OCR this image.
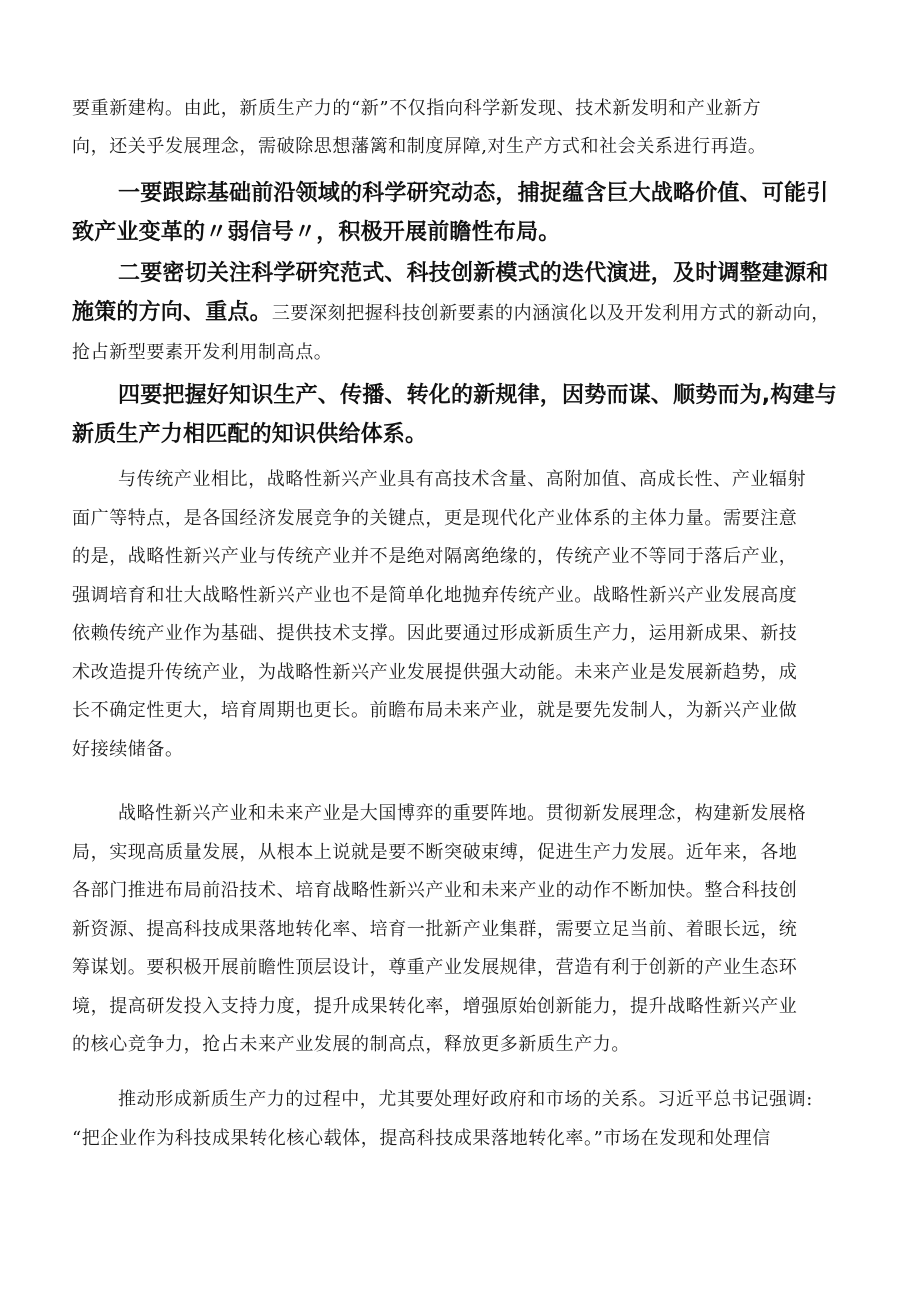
要重新建构。由此，新质生产力的“新”不仅指向科学新发现、技术新发明和产业新方
向，还关乎发展理念，需破除思想藩篱和制度屏障,对生产方式和社会关系进行再造。
一要跟踪基础前沿领域的科学研究动态，捕捉蕴含巨大战略价值、可能引
致产业变革的〃弱信号〃，积极开展前瞻性布局。
二要密切关注科学研究范式、科技创新模式的迭代演进，及时调整建源和
施策的方向、重点。三要深刻把握科技创新要素的内涵演化以及开发利用方式的新动向，
抢占新型要素开发利用制高点。
四要把握好知识生产、传播、转化的新规律，因势而谋、顺势而为,构建与
新质生产力相匹配的知识供给体系。
与传统产业相比，战略性新兴产业具有高技术含量、高附加值、高成长性、产业辐射
面广等特点，是各国经济发展竞争的关键点，更是现代化产业体系的主体力量。需要注意
的是，战略性新兴产业与传统产业并不是绝对隔离绝缘的，传统产业不等同于落后产业，
强调培育和壮大战略性新兴产业也不是简单化地抛弃传统产业。战略性新兴产业发展高度
依赖传统产业作为基础、提供技术支撑。因此要通过形成新质生产力，运用新成果、新技
术改造提升传统产业，为战略性新兴产业发展提供强大动能。未来产业是发展新趋势，成
长不确定性更大，培育周期也更长。前瞻布局未来产业，就是要先发制人，为新兴产业做
好接续储备。
战略性新兴产业和未来产业是大国博弈的重要阵地。贯彻新发展理念，构建新发展格
局，实现高质量发展，从根本上说就是要不断突破束缚，促进生产力发展。近年来，各地
各部门推进布局前沿技术、培育战略性新兴产业和未来产业的动作不断加快。整合科技创
新资源、提高科技成果落地转化率、培育一批新产业集群，需要立足当前、着眼长远，统
筹谋划。要积极开展前瞻性顶层设计，尊重产业发展规律，营造有利于创新的产业生态环
境，提高研发投入支持力度，提升成果转化率，增强原始创新能力，提升战略性新兴产业
的核心竞争力，抢占未来产业发展的制高点，释放更多新质生产力。
推动形成新质生产力的过程中，尤其要处理好政府和市场的关系。习近平总书记强调:
“把企业作为科技成果转化核心载体，提高科技成果落地转化率。”市场在发现和处理信
